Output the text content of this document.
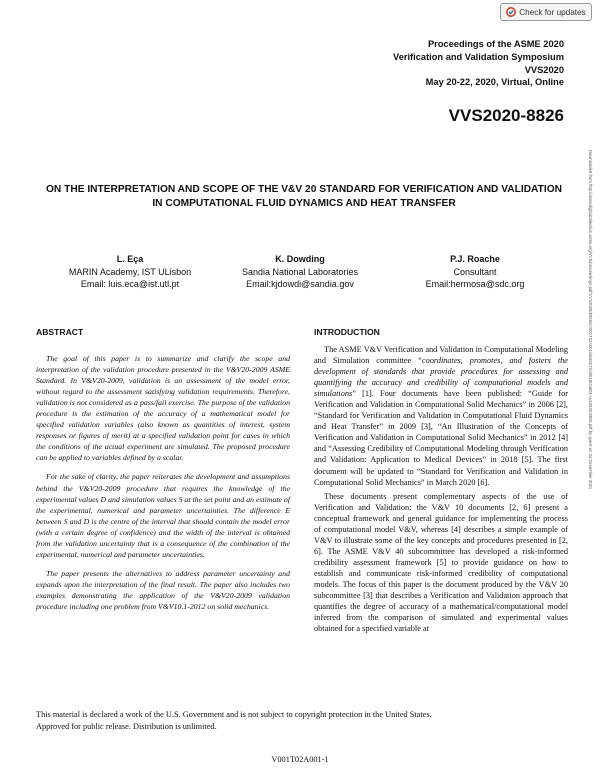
Check for updates
Proceedings of the ASME 2020
Verification and Validation Symposium
VVS2020
May 20-22, 2020, Virtual, Online
VVS2020-8826
Downloaded from http://asmedigitalcollection.asme.org/VVS/proceedings-pdf/VVS2020/83594/V001T02A001/6546572/v001t02a001-vvs2020-8826.pdf by guest on 24 December 2021
ON THE INTERPRETATION AND SCOPE OF THE V&V 20 STANDARD FOR VERIFICATION AND VALIDATION IN COMPUTATIONAL FLUID DYNAMICS AND HEAT TRANSFER
L. Eça
MARIN Academy, IST ULisbon
Email: luis.eca@ist.utl.pt
K. Dowding
Sandia National Laboratories
Email:kjdowdi@sandia.gov
P.J. Roache
Consultant
Email:hermosa@sdc.org
ABSTRACT

The goal of this paper is to summarize and clarify the scope and interpretation of the validation procedure presented in the V&V20-2009 ASME Standard. In V&V20-2009, validation is an assessment of the model error, without regard to the assessment satisfying validation requirements. Therefore, validation is not considered as a pass/fail exercise. The purpose of the validation procedure is the estimation of the accuracy of a mathematical model for specified validation variables (also known as quantities of interest, system responses or figures of merit) at a specified validation point for cases in which the conditions of the actual experiment are simulated. The proposed procedure can be applied to variables defined by a scalar.

For the sake of clarity, the paper reiterates the development and assumptions behind the V&V20-2009 procedure that requires the knowledge of the experimental values D and simulation values S at the set point and an estimate of the experimental, numerical and parameter uncertainties. The difference E between S and D is the centre of the interval that should contain the model error (with a certain degree of confidence) and the width of the interval is obtained from the validation uncertainty that is a consequence of the combination of the experimental, numerical and parameter uncertainties.

The paper presents the alternatives to address parameter uncertainty and expands upon the interpretation of the final result. The paper also includes two examples demonstrating the application of the V&V20-2009 validation procedure including one problem from V&V10.1-2012 on solid mechanics.

INTRODUCTION

The ASME V&V Verification and Validation in Computational Modeling and Simulation committee “coordinates, promotes, and fosters the development of standards that provide procedures for assessing and quantifying the accuracy and credibility of computational models and simulations” [1]. Four documents have been published: “Guide for Verification and Validation in Computational Solid Mechanics” in 2006 [2], “Standard for Verification and Validation in Computational Fluid Dynamics and Heat Transfer” in 2009 [3], “An Illustration of the Concepts of Verification and Validation in Computational Solid Mechanics” in 2012 [4] and “Assessing Credibility of Computational Modeling through Verification and Validation: Application to Medical Devices” in 2018 [5]. The first document will be updated to “Standard for Verification and Validation in Computational Solid Mechanics” in March 2020 [6].

These documents present complementary aspects of the use of Verification and Validation: the V&V 10 documents [2, 6] present a conceptual framework and general guidance for implementing the process of computational model V&V, whereas [4] describes a simple example of V&V to illustrate some of the key concepts and procedures presented in [2, 6]. The ASME V&V 40 subcommittee has developed a risk-informed credibility assessment framework [5] to provide guidance on how to establish and communicate risk-informed credibility of computational models. The focus of this paper is the document produced by the V&V 20 subcommittee [3] that describes a Verification and Validation approach that quantifies the degree of accuracy of a mathematical/computational model inferred from the comparison of simulated and experimental values obtained for a specified variable at

This material is declared a work of the U.S. Government and is not subject to copyright protection in the United States.
Approved for public release. Distribution is unlimited.
V001T02A001-1
